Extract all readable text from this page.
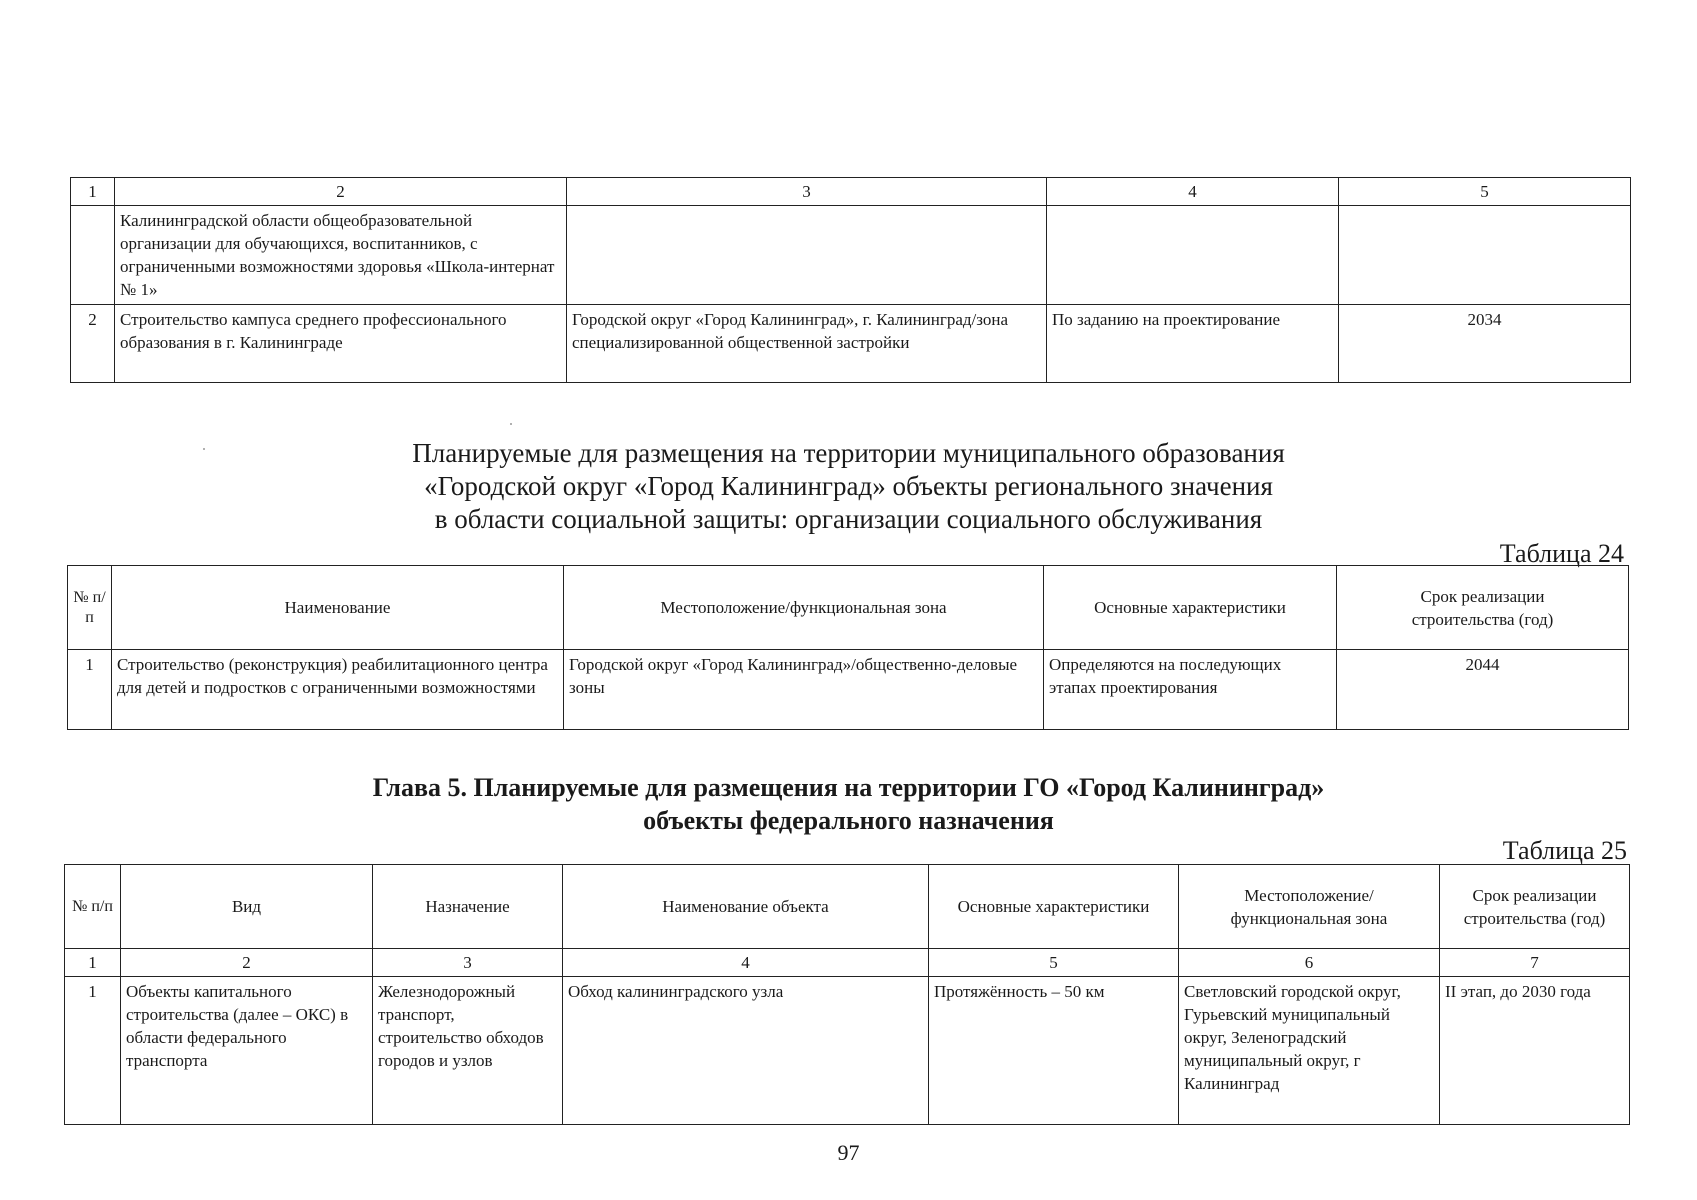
1	2	3	4	5
	Калининградской области общеобразовательной организации для обучающихся, воспитанников, с ограниченными возможностями здоровья «Школа-интернат № 1»			
2	Строительство кампуса среднего профессионального образования в г. Калининграде	Городской округ «Город Калининград», г. Калининград/зона специализированной общественной застройки	По заданию на проектирование	2034
Планируемые для размещения на территории муниципального образования
«Городской округ «Город Калининград» объекты регионального значения
в области социальной защиты: организации социального обслуживания
Таблица 24
№ п/п	Наименование	Местоположение/функциональная зона	Основные характеристики	Срок реализации строительства (год)
1	Строительство (реконструкция) реабилитационного центра для детей и подростков с ограниченными возможностями	Городской округ «Город Калининград»/общественно-деловые зоны	Определяются на последующих этапах проектирования	2044
Глава 5. Планируемые для размещения на территории ГО «Город Калининград»
объекты федерального назначения
Таблица 25
№ п/п	Вид	Назначение	Наименование объекта	Основные характеристики	Местоположение/ функциональная зона	Срок реализации строительства (год)
1	2	3	4	5	6	7
1	Объекты капитального строительства (далее – ОКС) в области федерального транспорта	Железнодорожный транспорт, строительство обходов городов и узлов	Обход калининградского узла	Протяжённость – 50 км	Светловский городской округ, Гурьевский муниципальный округ, Зеленоградский муниципальный округ, г Калининград	II этап, до 2030 года
97
